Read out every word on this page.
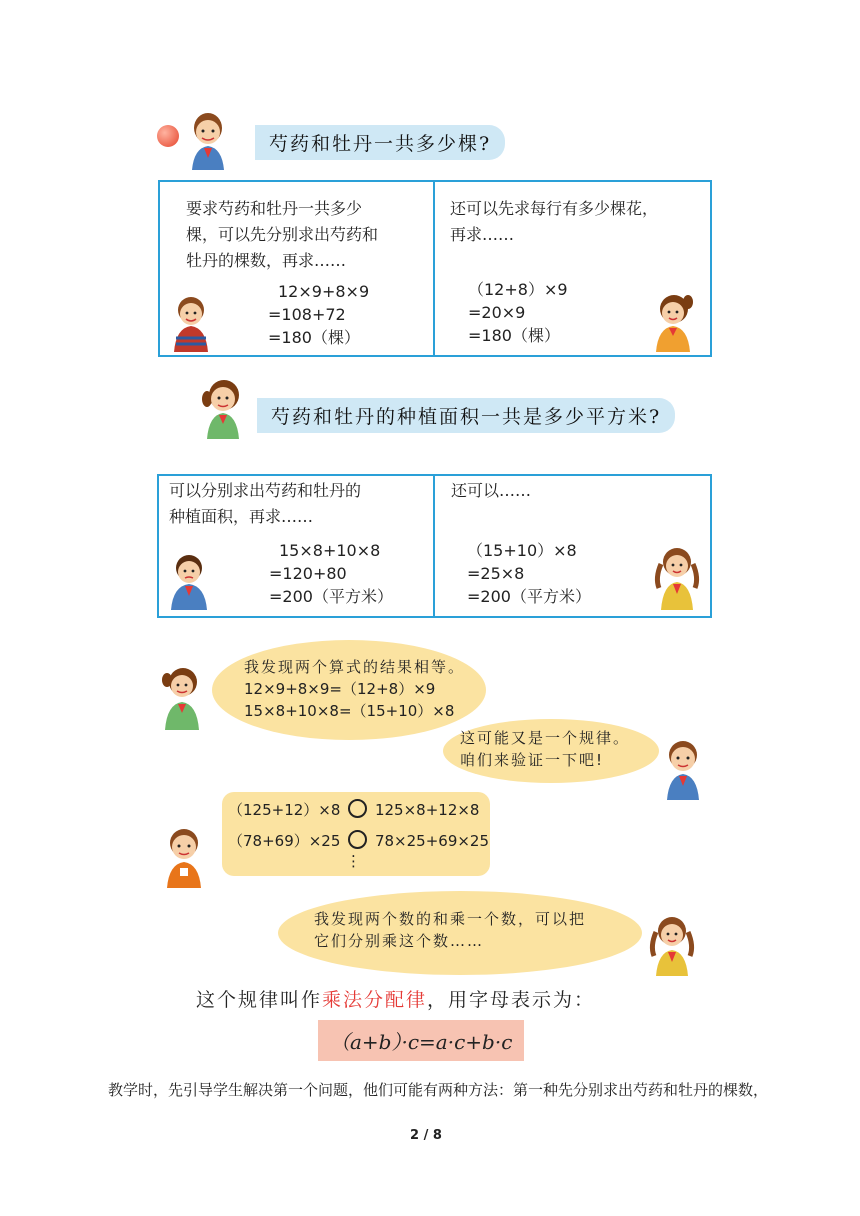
芍药和牡丹一共多少棵?
要求芍药和牡丹一共多少
棵，可以先分别求出芍药和
牡丹的棵数，再求……
12×9+8×9
=108+72
=180（棵）
还可以先求每行有多少棵花，
再求……
（12+8）×9
=20×9
=180（棵）
芍药和牡丹的种植面积一共是多少平方米?
可以分别求出芍药和牡丹的
种植面积，再求……
15×8+10×8
=120+80
=200（平方米）
还可以……
（15+10）×8
=25×8
=200（平方米）
我发现两个算式的结果相等。
12×9+8×9=（12+8）×9
15×8+10×8=（15+10）×8
这可能又是一个规律。
咱们来验证一下吧!
（125+12）×8 125×8+12×8
（78+69）×25 78×25+69×25
⋮
我发现两个数的和乘一个数，可以把
它们分别乘这个数……
这个规律叫作乘法分配律，用字母表示为：
（a+b）·c=a·c+b·c
教学时，先引导学生解决第一个问题，他们可能有两种方法：第一种先分别求出芍药和牡丹的棵数，
2 / 8
